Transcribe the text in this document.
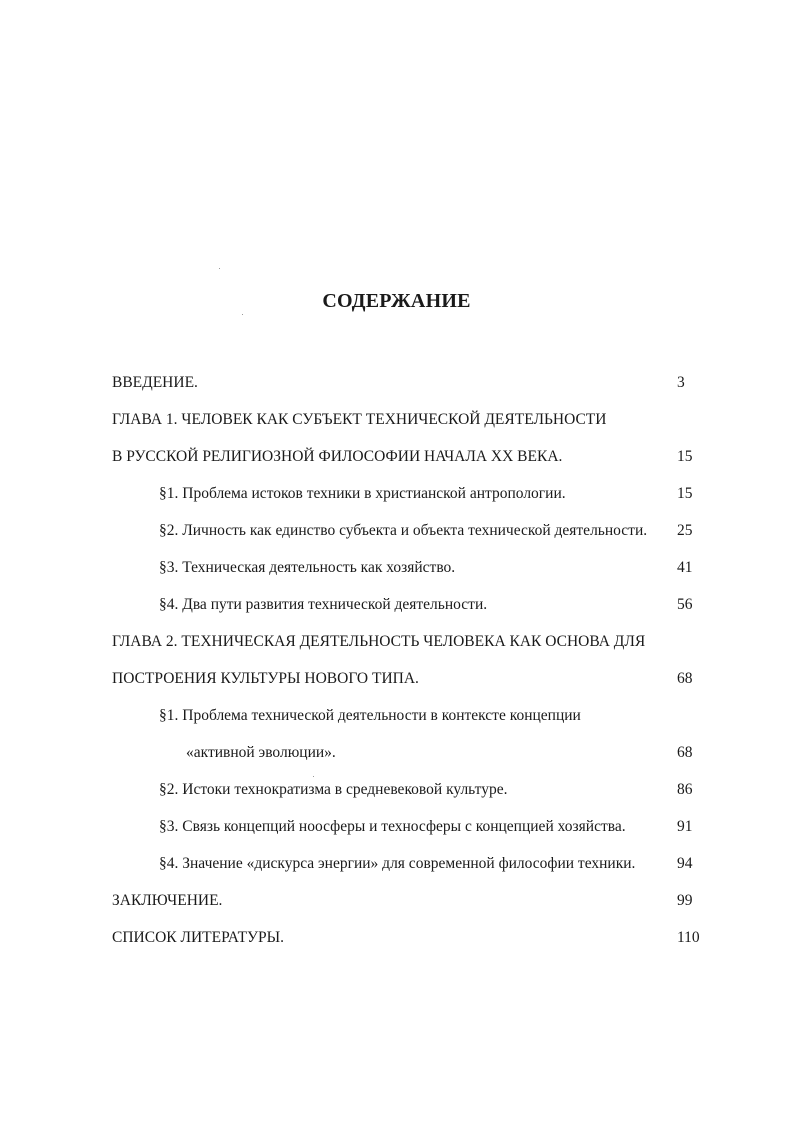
СОДЕРЖАНИЕ
ВВЕДЕНИЕ.	3
ГЛАВА 1. ЧЕЛОВЕК КАК СУБЪЕКТ ТЕХНИЧЕСКОЙ ДЕЯТЕЛЬНОСТИ
В РУССКОЙ РЕЛИГИОЗНОЙ ФИЛОСОФИИ НАЧАЛА XX ВЕКА.	15
§1. Проблема истоков техники в христианской антропологии.	15
§2. Личность как единство субъекта и объекта технической деятельности. 25
§3. Техническая деятельность как хозяйство.	41
§4. Два пути развития технической деятельности.	56
ГЛАВА 2. ТЕХНИЧЕСКАЯ ДЕЯТЕЛЬНОСТЬ ЧЕЛОВЕКА КАК ОСНОВА ДЛЯ
ПОСТРОЕНИЯ КУЛЬТУРЫ НОВОГО ТИПА.	68
§1. Проблема технической деятельности в контексте концепции
«активной эволюции».	68
§2. Истоки технократизма в средневековой культуре.	86
§3. Связь концепций ноосферы и техносферы с концепцией хозяйства.	91
§4. Значение «дискурса энергии» для современной философии техники.	94
ЗАКЛЮЧЕНИЕ.	99
СПИСОК ЛИТЕРАТУРЫ.	110
